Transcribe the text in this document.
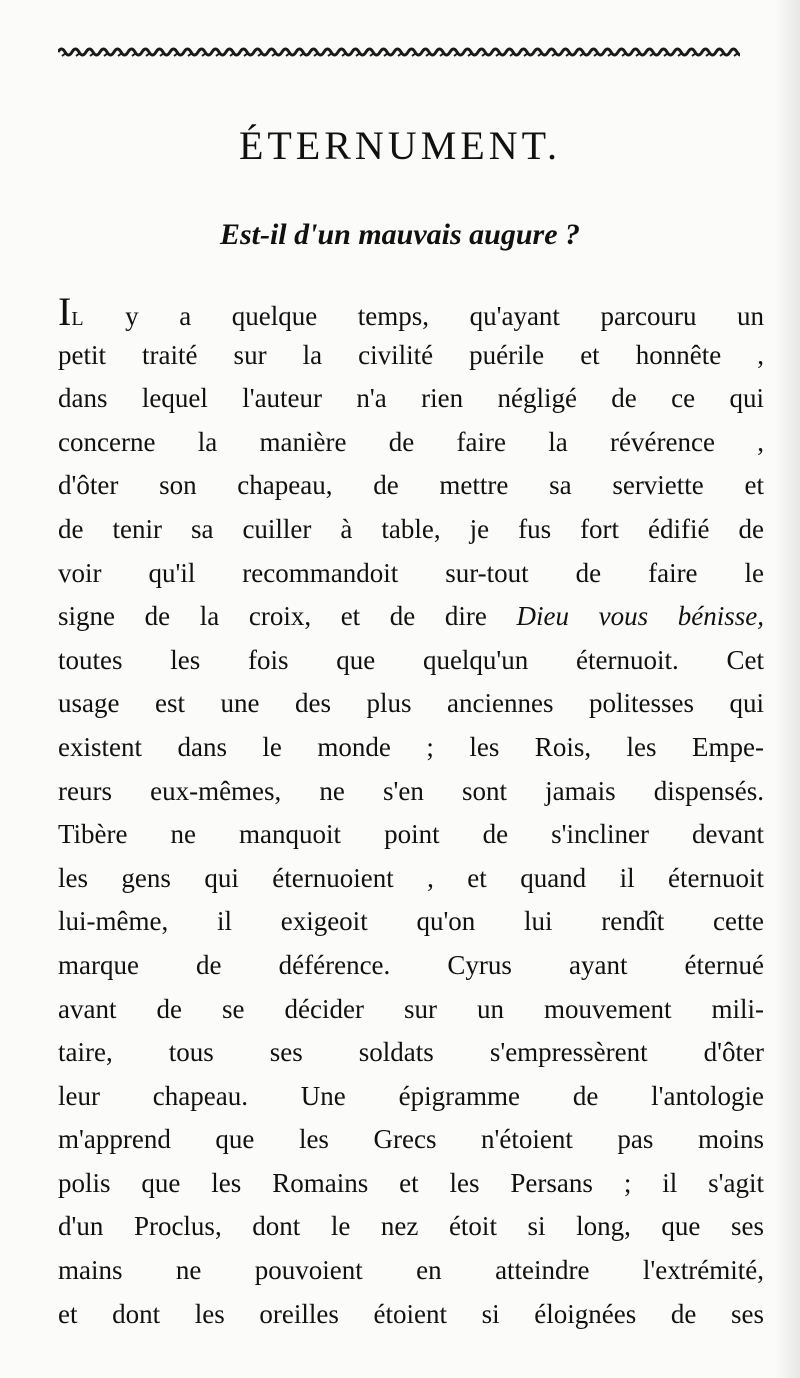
ÉTERNUMENT.
Est-il d'un mauvais augure ?
IL y a quelque temps, qu'ayant parcouru un
petit traité sur la civilité puérile et honnête ,
dans lequel l'auteur n'a rien négligé de ce qui
concerne la manière de faire la révérence ,
d'ôter son chapeau, de mettre sa serviette et
de tenir sa cuiller à table, je fus fort édifié de
voir qu'il recommandoit sur-tout de faire le
signe de la croix, et de dire Dieu vous bénisse,
toutes les fois que quelqu'un éternuoit. Cet
usage est une des plus anciennes politesses qui
existent dans le monde ; les Rois, les Empe-
reurs eux-mêmes, ne s'en sont jamais dispensés.
Tibère ne manquoit point de s'incliner devant
les gens qui éternuoient , et quand il éternuoit
lui-même, il exigeoit qu'on lui rendît cette
marque de déférence. Cyrus ayant éternué
avant de se décider sur un mouvement mili-
taire, tous ses soldats s'empressèrent d'ôter
leur chapeau. Une épigramme de l'antologie
m'apprend que les Grecs n'étoient pas moins
polis que les Romains et les Persans ; il s'agit
d'un Proclus, dont le nez étoit si long, que ses
mains ne pouvoient en atteindre l'extrémité,
et dont les oreilles étoient si éloignées de ses
